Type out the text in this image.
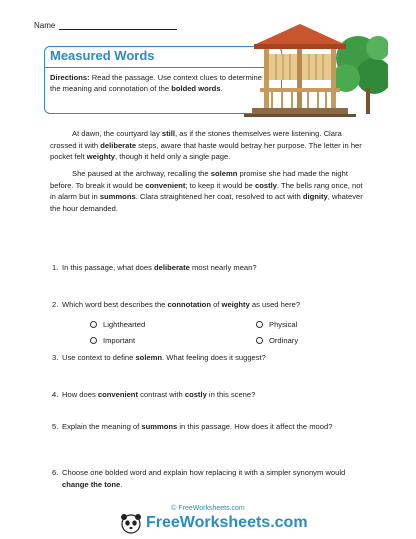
Name
Measured Words
Directions: Read the passage. Use context clues to determine the meaning and connotation of the bolded words.
At dawn, the courtyard lay still, as if the stones themselves were listening. Clara crossed it with deliberate steps, aware that haste would betray her purpose. The letter in her pocket felt weighty, though it held only a single page.
She paused at the archway, recalling the solemn promise she had made the night before. To break it would be convenient; to keep it would be costly. The bells rang once, not in alarm but in summons. Clara straightened her coat, resolved to act with dignity, whatever the hour demanded.
1. In this passage, what does deliberate most nearly mean?
2. Which word best describes the connotation of weighty as used here?
Lighthearted	Physical
Important	Ordinary
3. Use context to define solemn. What feeling does it suggest?
4. How does convenient contrast with costly in this scene?
5. Explain the meaning of summons in this passage. How does it affect the mood?
6. Choose one bolded word and explain how replacing it with a simpler synonym would change the tone.
© FreeWorksheets.com
FreeWorksheets.com
